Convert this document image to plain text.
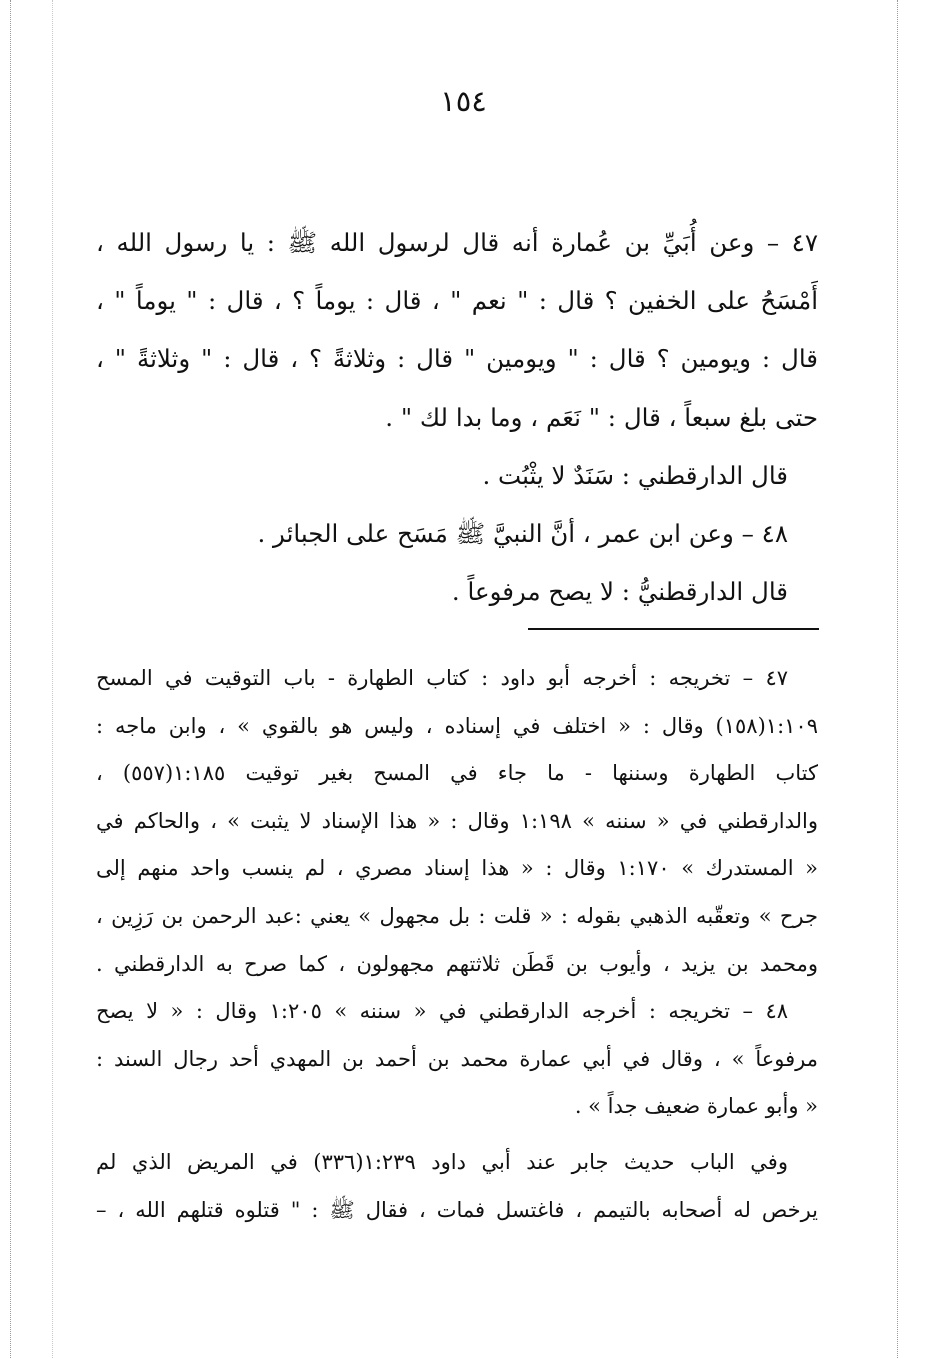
١٥٤
٤٧ – وعن أُبَيِّ بن عُمارة أنه قال لرسول الله ﷺ : يا رسول الله ،
أَمْسَحُ على الخفين ؟ قال : " نعم " ، قال : يوماً ؟ ، قال : " يوماً " ،
قال : ويومين ؟ قال : " ويومين " قال : وثلاثةً ؟ ، قال : " وثلاثةً " ،
حتى بلغ سبعاً ، قال : " نَعَم ، وما بدا لك " .
قال الدارقطني : سَنَدٌ لا يثْبُت .
٤٨ – وعن ابن عمر ، أنَّ النبيَّ ﷺ مَسَح على الجبائر .
قال الدارقطنيُّ : لا يصح مرفوعاً .
٤٧ – تخريجه : أخرجه أبو داود : كتاب الطهارة - باب التوقيت في المسح
١:١٠٩(١٥٨) وقال : « اختلف في إسناده ، وليس هو بالقوي » ، وابن ماجه :
كتاب الطهارة وسننها - ما جاء في المسح بغير توقيت ١:١٨٥(٥٥٧) ،
والدارقطني في « سننه » ١:١٩٨ وقال : « هذا الإسناد لا يثبت » ، والحاكم في
« المستدرك » ١:١٧٠ وقال : « هذا إسناد مصري ، لم ينسب واحد منهم إلى
جرح » وتعقّبه الذهبي بقوله : « قلت : بل مجهول » يعني :عبد الرحمن بن رَزِين ،
ومحمد بن يزيد ، وأيوب بن قَطَن ثلاثتهم مجهولون ، كما صرح به الدارقطني .
٤٨ – تخريجه : أخرجه الدارقطني في « سننه » ١:٢٠٥ وقال : « لا يصح
مرفوعاً » ، وقال في أبي عمارة محمد بن أحمد بن المهدي أحد رجال السند :
« وأبو عمارة ضعيف جداً » .
وفي الباب حديث جابر عند أبي داود ١:٢٣٩(٣٣٦) في المريض الذي لم
يرخص له أصحابه بالتيمم ، فاغتسل فمات ، فقال ﷺ : " قتلوه قتلهم الله ، –
